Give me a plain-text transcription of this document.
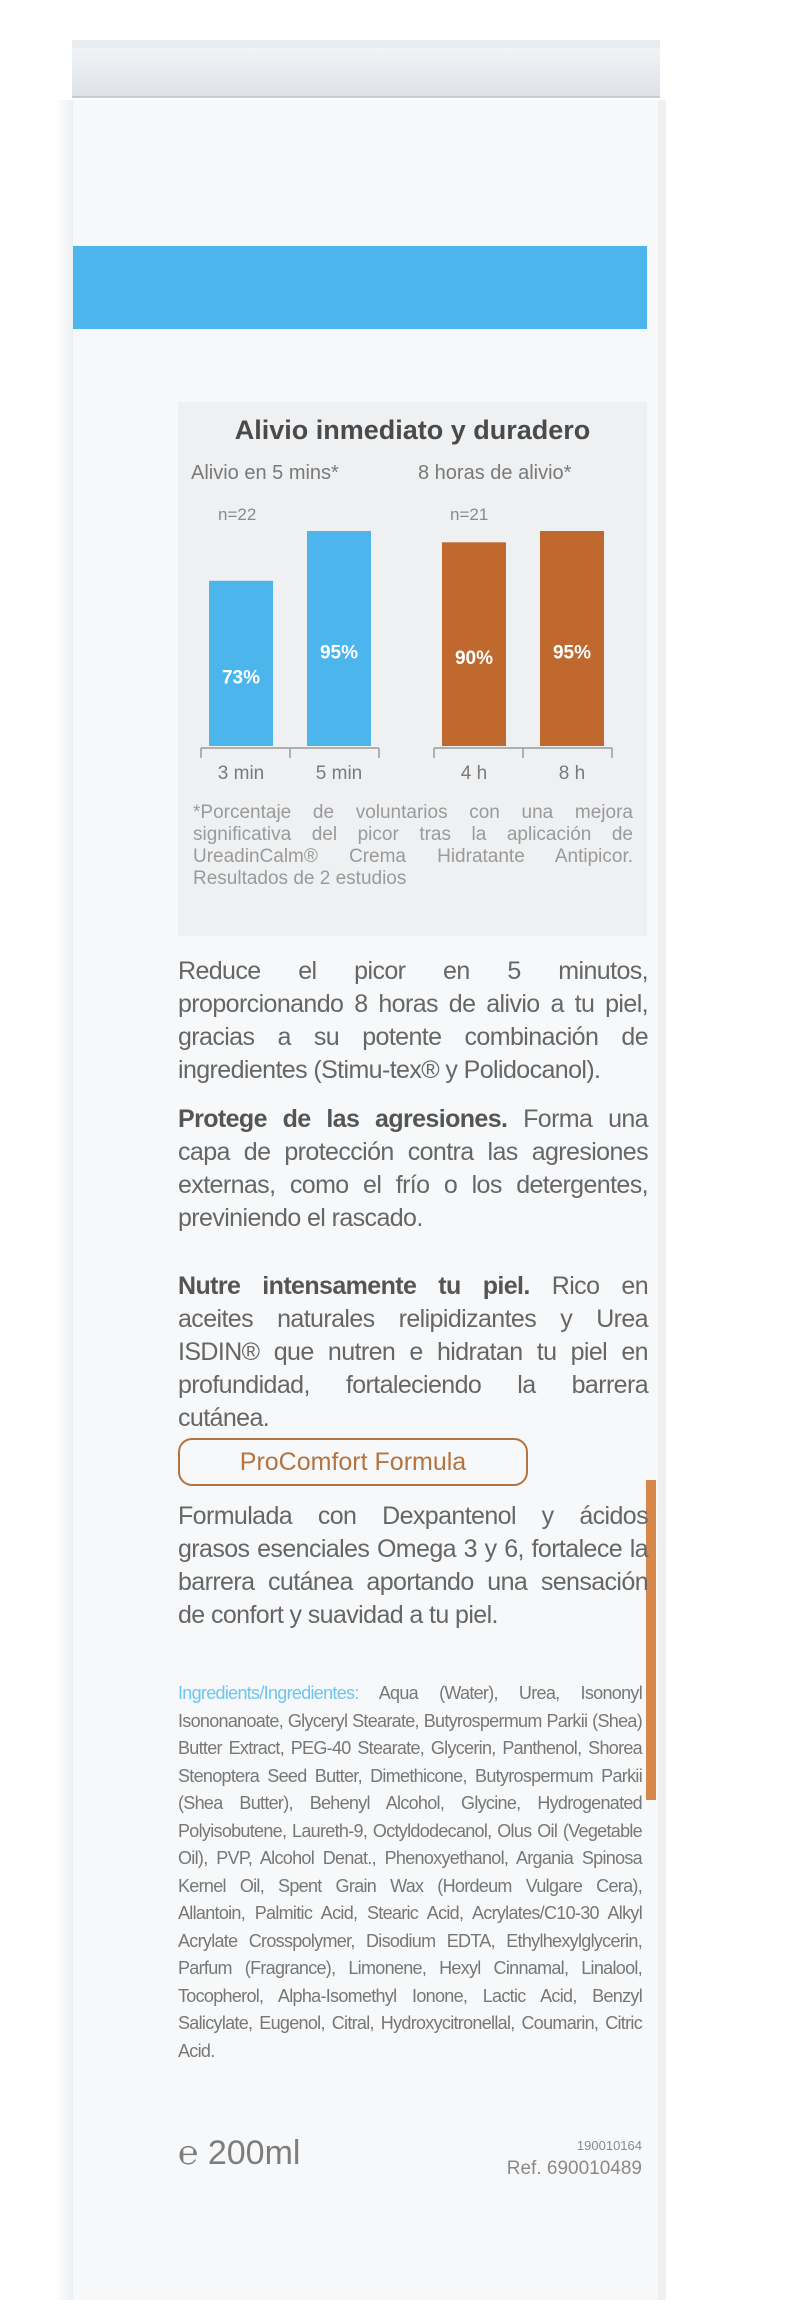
Alivio inmediato y duradero
Alivio en 5 mins*	8 horas de alivio*
n=22	n=21
73%
3 min
95%
5 min
90%
4 h
95%
8 h
*Porcentaje de voluntarios con una mejora significativa del picor tras la aplicación de UreadinCalm® Crema Hidratante Antipicor. Resultados de 2 estudios
Reduce el picor en 5 minutos, proporcionando 8 horas de alivio a tu piel, gracias a su potente combinación de ingredientes (Stimu-tex® y Polidocanol).
Protege de las agresiones. Forma una capa de protección contra las agresiones externas, como el frío o los detergentes, previniendo el rascado.
Nutre intensamente tu piel. Rico en aceites naturales relipidizantes y Urea ISDIN® que nutren e hidratan tu piel en profundidad, fortaleciendo la barrera cutánea.
ProComfort Formula
Formulada con Dexpantenol y ácidos grasos esenciales Omega 3 y 6, fortalece la barrera cutánea aportando una sensación de confort y suavidad a tu piel.
Ingredients/Ingredientes: Aqua (Water), Urea, Isononyl Isononanoate, Glyceryl Stearate, Butyrospermum Parkii (Shea) Butter Extract, PEG-40 Stearate, Glycerin, Panthenol, Shorea Stenoptera Seed Butter, Dimethicone, Butyrospermum Parkii (Shea Butter), Behenyl Alcohol, Glycine, Hydrogenated Polyisobutene, Laureth-9, Octyldodecanol, Olus Oil (Vegetable Oil), PVP, Alcohol Denat., Phenoxyethanol, Argania Spinosa Kernel Oil, Spent Grain Wax (Hordeum Vulgare Cera), Allantoin, Palmitic Acid, Stearic Acid, Acrylates/C10-30 Alkyl Acrylate Crosspolymer, Disodium EDTA, Ethylhexylglycerin, Parfum (Fragrance), Limonene, Hexyl Cinnamal, Linalool, Tocopherol, Alpha-Isomethyl Ionone, Lactic Acid, Benzyl Salicylate, Eugenol, Citral, Hydroxycitronellal, Coumarin, Citric Acid.
℮ 200ml	190010164
Ref. 690010489
